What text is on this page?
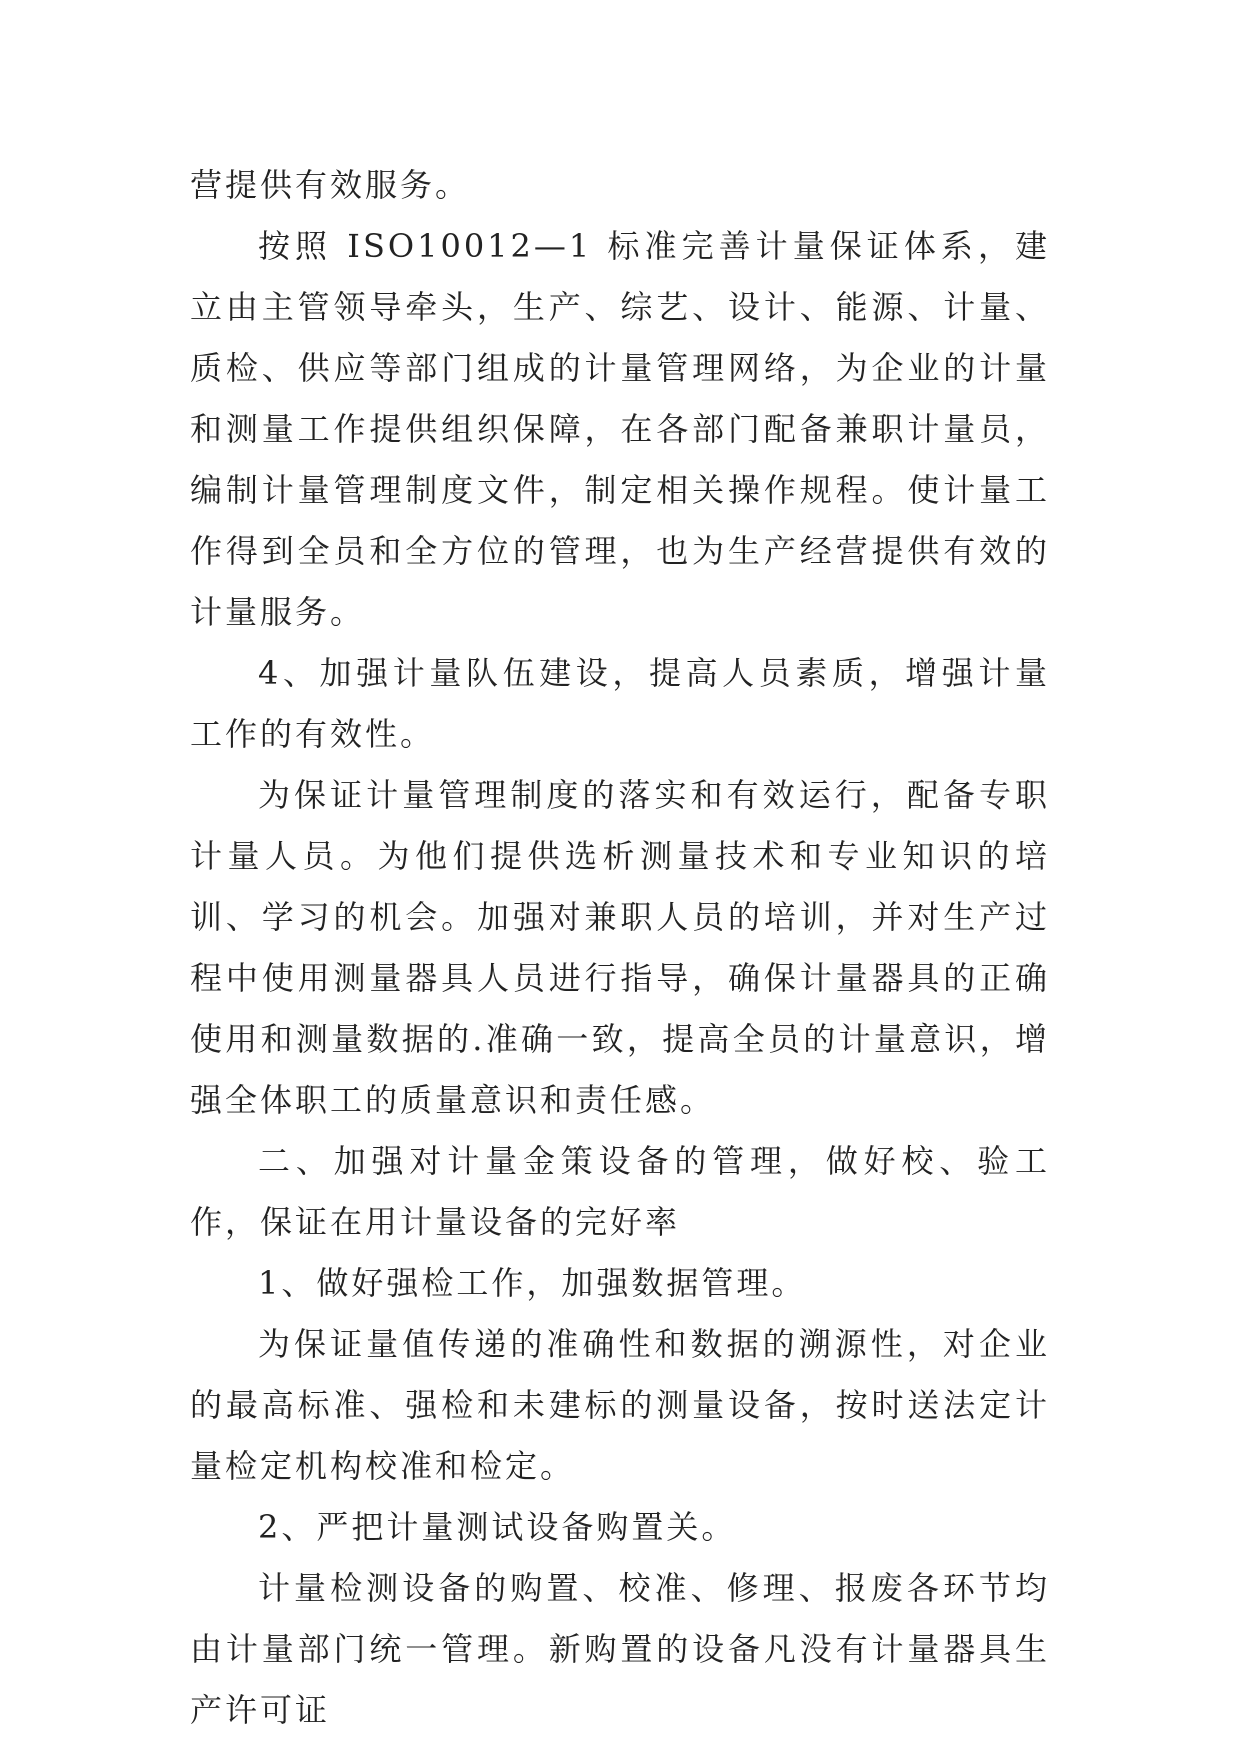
营提供有效服务。

按照 ISO10012—1 标准完善计量保证体系，建立由主管领导牵头，生产、综艺、设计、能源、计量、质检、供应等部门组成的计量管理网络，为企业的计量和测量工作提供组织保障，在各部门配备兼职计量员，编制计量管理制度文件，制定相关操作规程。使计量工作得到全员和全方位的管理，也为生产经营提供有效的计量服务。

4、加强计量队伍建设，提高人员素质，增强计量工作的有效性。

为保证计量管理制度的落实和有效运行，配备专职计量人员。为他们提供选析测量技术和专业知识的培训、学习的机会。加强对兼职人员的培训，并对生产过程中使用测量器具人员进行指导，确保计量器具的正确使用和测量数据的.准确一致，提高全员的计量意识，增强全体职工的质量意识和责任感。

二、加强对计量金策设备的管理，做好校、验工作，保证在用计量设备的完好率

1、做好强检工作，加强数据管理。

为保证量值传递的准确性和数据的溯源性，对企业的最高标准、强检和未建标的测量设备，按时送法定计量检定机构校准和检定。

2、严把计量测试设备购置关。

计量检测设备的购置、校准、修理、报废各环节均由计量部门统一管理。新购置的设备凡没有计量器具生产许可证
